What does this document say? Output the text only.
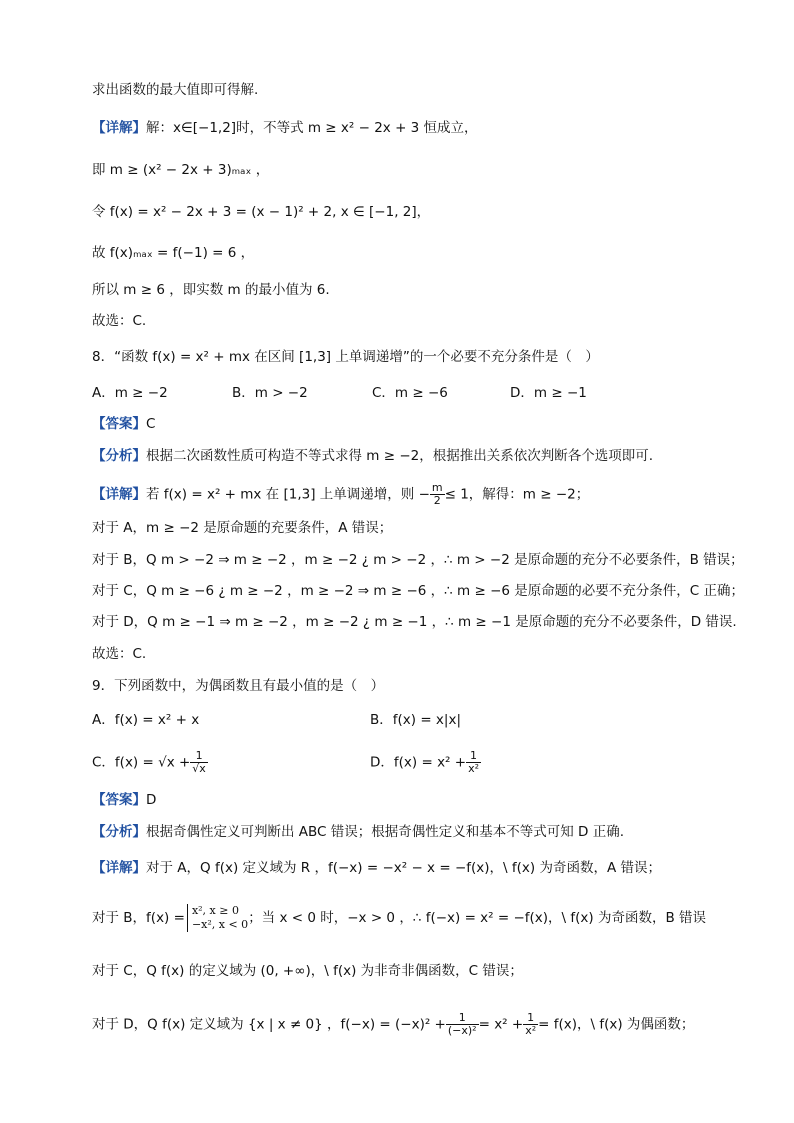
求出函数的最大值即可得解.
【详解】解：x∈[−1,2]时，不等式 m ≥ x² − 2x + 3 恒成立，
即 m ≥ (x² − 2x + 3)ₘₐₓ ，
令 f(x) = x² − 2x + 3 = (x − 1)² + 2, x ∈ [−1, 2]，
故 f(x)ₘₐₓ = f(−1) = 6 ，
所以 m ≥ 6 ，即实数 m 的最小值为 6.
故选：C.
8．“函数 f(x) = x² + mx 在区间 [1,3] 上单调递增”的一个必要不充分条件是（　）
A．m ≥ −2	B．m > −2	C．m ≥ −6	D．m ≥ −1
【答案】C
【分析】根据二次函数性质可构造不等式求得 m ≥ −2，根据推出关系依次判断各个选项即可.
【详解】若 f(x) = x² + mx 在 [1,3] 上单调递增，则 − $\frac{m}{2} \le 1$，解得：m ≥ −2；
对于 A，m ≥ −2 是原命题的充要条件，A 错误；
对于 B，Q m > −2 ⇒ m ≥ −2 ，m ≥ −2 ¿ m > −2 ，∴ m > −2 是原命题的充分不必要条件，B 错误；
对于 C，Q m ≥ −6 ¿ m ≥ −2 ，m ≥ −2 ⇒ m ≥ −6 ，∴ m ≥ −6 是原命题的必要不充分条件，C 正确；
对于 D，Q m ≥ −1 ⇒ m ≥ −2 ，m ≥ −2 ¿ m ≥ −1 ，∴ m ≥ −1 是原命题的充分不必要条件，D 错误.
故选：C.
9．下列函数中，为偶函数且有最小值的是（　）
A．f(x) = x² + x	B．f(x) = x|x|
C．$f(x) = √x + \frac{1}{√x}$	D．$f(x) = x^2 + \frac{1}{\text{x²}}$
【答案】D
【分析】根据奇偶性定义可判断出 ABC 错误；根据奇偶性定义和基本不等式可知 D 正确.
【详解】对于 A，Q f(x) 定义域为 R ，f(−x) = −x² − x = −f(x)，\ f(x) 为奇函数，A 错误；
对于 B，f(x) = x², x ≥ 0
−x², x < 0 ；当 x < 0 时，−x > 0 ，∴ f(−x) = x² = −f(x)，\ f(x) 为奇函数，B 错误
对于 C，Q f(x) 的定义域为 (0, +∞)，\ f(x) 为非奇非偶函数，C 错误；
对于 D，Q f(x) 定义域为 {x | x ≠ 0} ，$f(-x) = (-x)^2 + \frac{1}{\text{(−x)²}} = x^2 + \frac{1}{\text{x²}} = f(x)$，\ f(x) 为偶函数；
